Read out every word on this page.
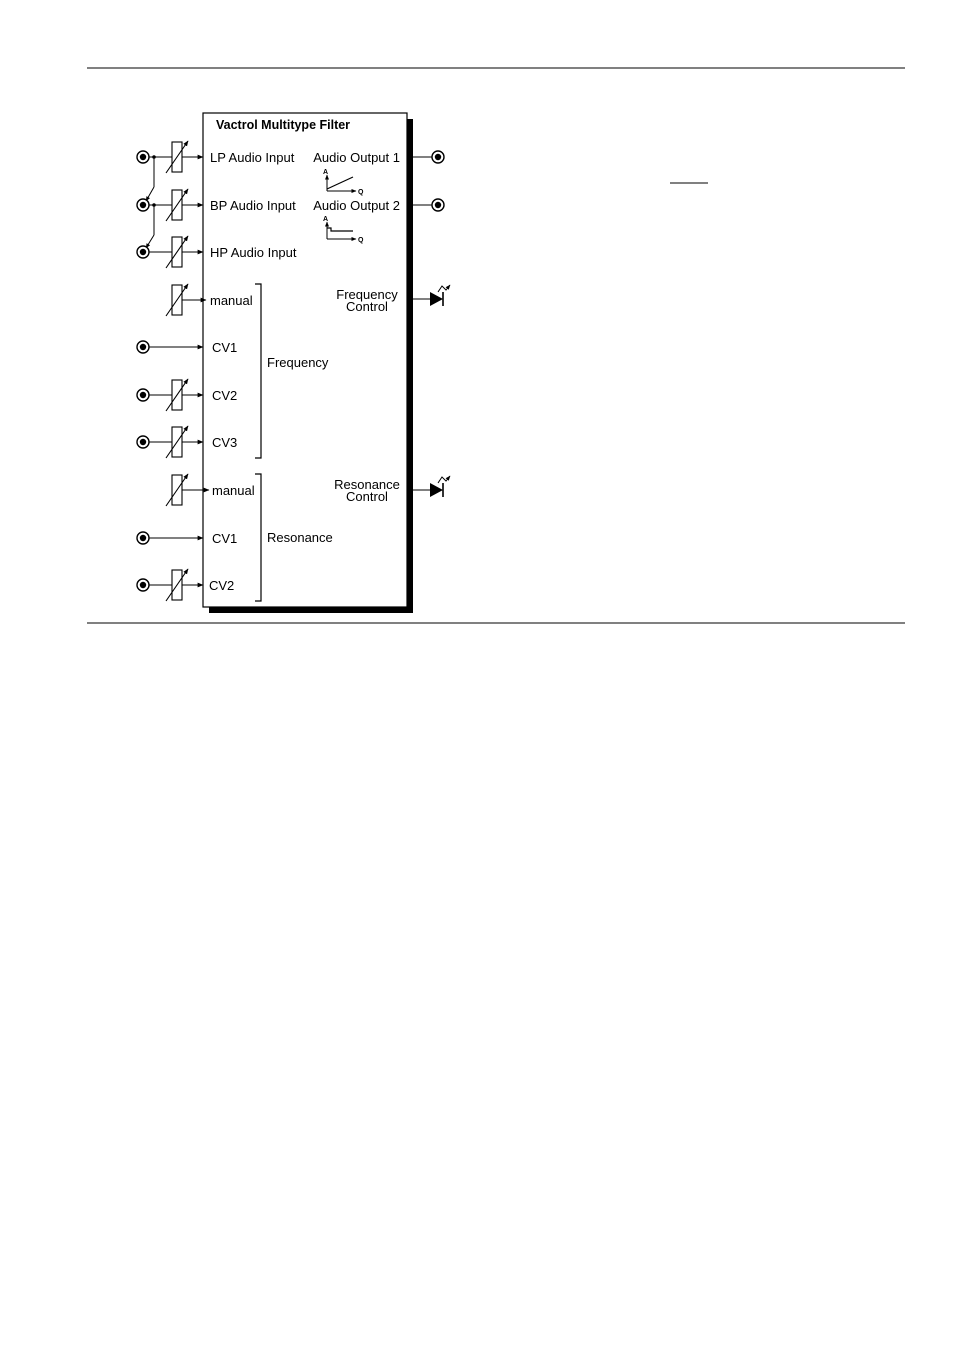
Vactrol Multitype Filter
LP Audio Input
BP Audio Input
HP Audio Input
manual
CV1
CV2
CV3
Frequency
manual
CV1
CV2
Resonance
Audio Output 1
A
Q
Audio Output 2
A
Q
Frequency
Control
Resonance
Control
